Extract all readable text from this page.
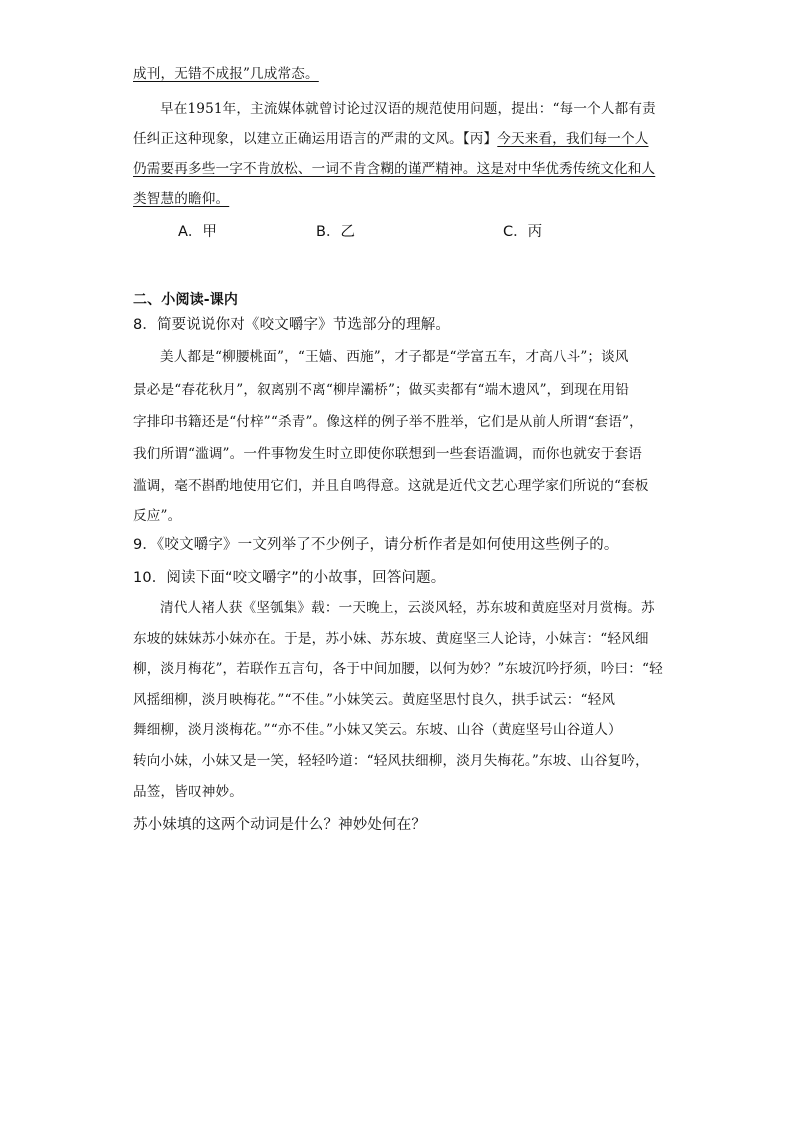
成刊，无错不成报”几成常态。
早在1951年，主流媒体就曾讨论过汉语的规范使用问题，提出：“每一个人都有责
任纠正这种现象，以建立正确运用语言的严肃的文风。【丙】今天来看，我们每一个人
仍需要再多些一字不肯放松、一词不肯含糊的谨严精神。这是对中华优秀传统文化和人
类智慧的瞻仰。
A．甲	B．乙	C．丙
二、小阅读-课内
8．简要说说你对《咬文嚼字》节选部分的理解。
美人都是“柳腰桃面”，“王嫱、西施”，才子都是“学富五车，才高八斗”；谈风
景必是“春花秋月”，叙离别不离“柳岸灞桥”；做买卖都有“端木遗风”，到现在用铅
字排印书籍还是“付梓”“杀青”。像这样的例子举不胜举，它们是从前人所谓“套语”，
我们所谓“滥调”。一件事物发生时立即使你联想到一些套语滥调，而你也就安于套语
滥调，毫不斟酌地使用它们，并且自鸣得意。这就是近代文艺心理学家们所说的“套板
反应”。
9．《咬文嚼字》一文列举了不少例子，请分析作者是如何使用这些例子的。
10．阅读下面“咬文嚼字”的小故事，回答问题。
清代人褚人获《坚瓠集》载：一天晚上，云淡风轻，苏东坡和黄庭坚对月赏梅。苏
东坡的妹妹苏小妹亦在。于是，苏小妹、苏东坡、黄庭坚三人论诗，小妹言：“轻风细
柳，淡月梅花”，若联作五言句，各于中间加腰，以何为妙？”东坡沉吟抒须，吟曰：“轻
风摇细柳，淡月映梅花。”“不佳。”小妹笑云。黄庭坚思忖良久，拱手试云：“轻风
舞细柳，淡月淡梅花。”“亦不佳。”小妹又笑云。东坡、山谷（黄庭坚号山谷道人）
转向小妹，小妹又是一笑，轻轻吟道：“轻风扶细柳，淡月失梅花。”东坡、山谷复吟，
品签，皆叹神妙。
苏小妹填的这两个动词是什么？神妙处何在？
